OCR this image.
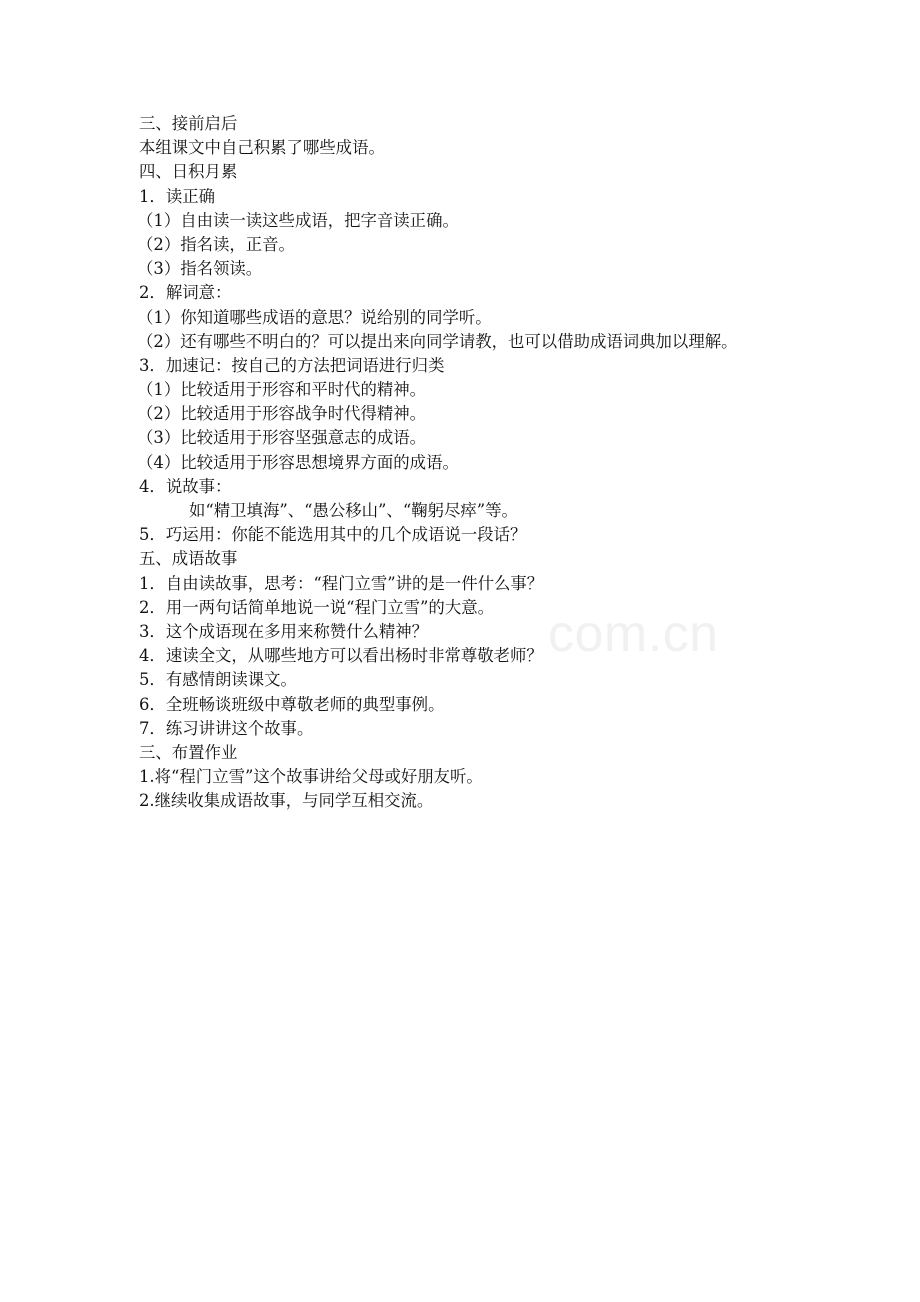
com.cn
三、接前启后
本组课文中自己积累了哪些成语。
四、日积月累
1．读正确
（1）自由读一读这些成语，把字音读正确。
（2）指名读，正音。
（3）指名领读。
2．解词意：
（1）你知道哪些成语的意思？说给别的同学听。
（2）还有哪些不明白的？可以提出来向同学请教，也可以借助成语词典加以理解。
3．加速记：按自己的方法把词语进行归类
（1）比较适用于形容和平时代的精神。
（2）比较适用于形容战争时代得精神。
（3）比较适用于形容坚强意志的成语。
（4）比较适用于形容思想境界方面的成语。
4．说故事：
如“精卫填海”、“愚公移山”、“鞠躬尽瘁”等。
5．巧运用：你能不能选用其中的几个成语说一段话？
五、成语故事
1．自由读故事，思考：“程门立雪”讲的是一件什么事？
2．用一两句话简单地说一说“程门立雪”的大意。
3．这个成语现在多用来称赞什么精神？
4．速读全文，从哪些地方可以看出杨时非常尊敬老师？
5．有感情朗读课文。
6．全班畅谈班级中尊敬老师的典型事例。
7．练习讲讲这个故事。
三、布置作业
1.将“程门立雪”这个故事讲给父母或好朋友听。
2.继续收集成语故事，与同学互相交流。
